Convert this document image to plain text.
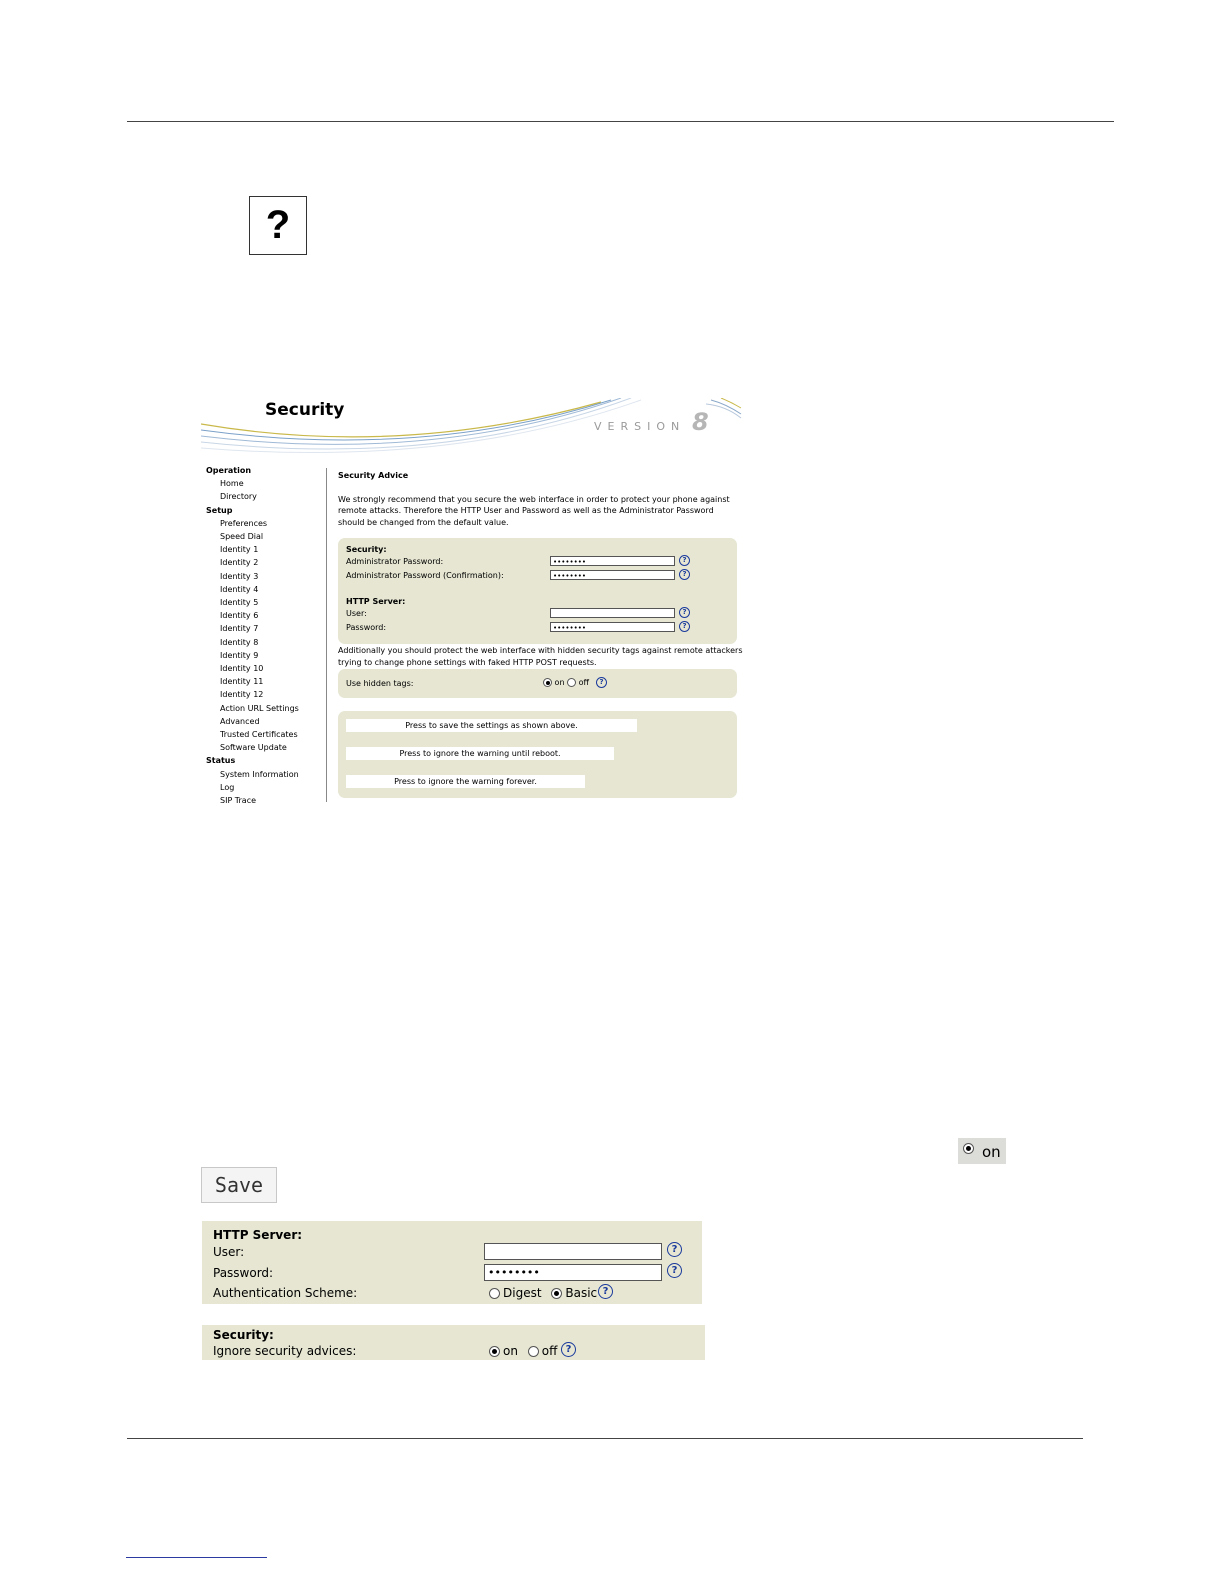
?
Security
VERSION 8
Operation
Home
Directory
Setup
Preferences
Speed Dial
Identity 1
Identity 2
Identity 3
Identity 4
Identity 5
Identity 6
Identity 7
Identity 8
Identity 9
Identity 10
Identity 11
Identity 12
Action URL Settings
Advanced
Trusted Certificates
Software Update
Status
System Information
Log
SIP Trace

Security Advice

We strongly recommend that you secure the web interface in order to protect your phone against

remote attacks. Therefore the HTTP User and Password as well as the Administrator Password

should be changed from the default value.

Security:
Administrator Password:	••••••••	?
Administrator Password (Confirmation):	••••••••	?
HTTP Server:
User:	?
Password:	••••••••	?
Additionally you should protect the web interface with hidden security tags against remote attackers
trying to change phone settings with faked HTTP POST requests.
Use hidden tags:	on off	?
Press to save the settings as shown above.
Press to ignore the warning until reboot.
Press to ignore the warning forever.
on
Save
HTTP Server:
User:	?
Password:	••••••••	?
Authentication Scheme:	Digest Basic ?
Security:
Ignore security advices:	on off ?
